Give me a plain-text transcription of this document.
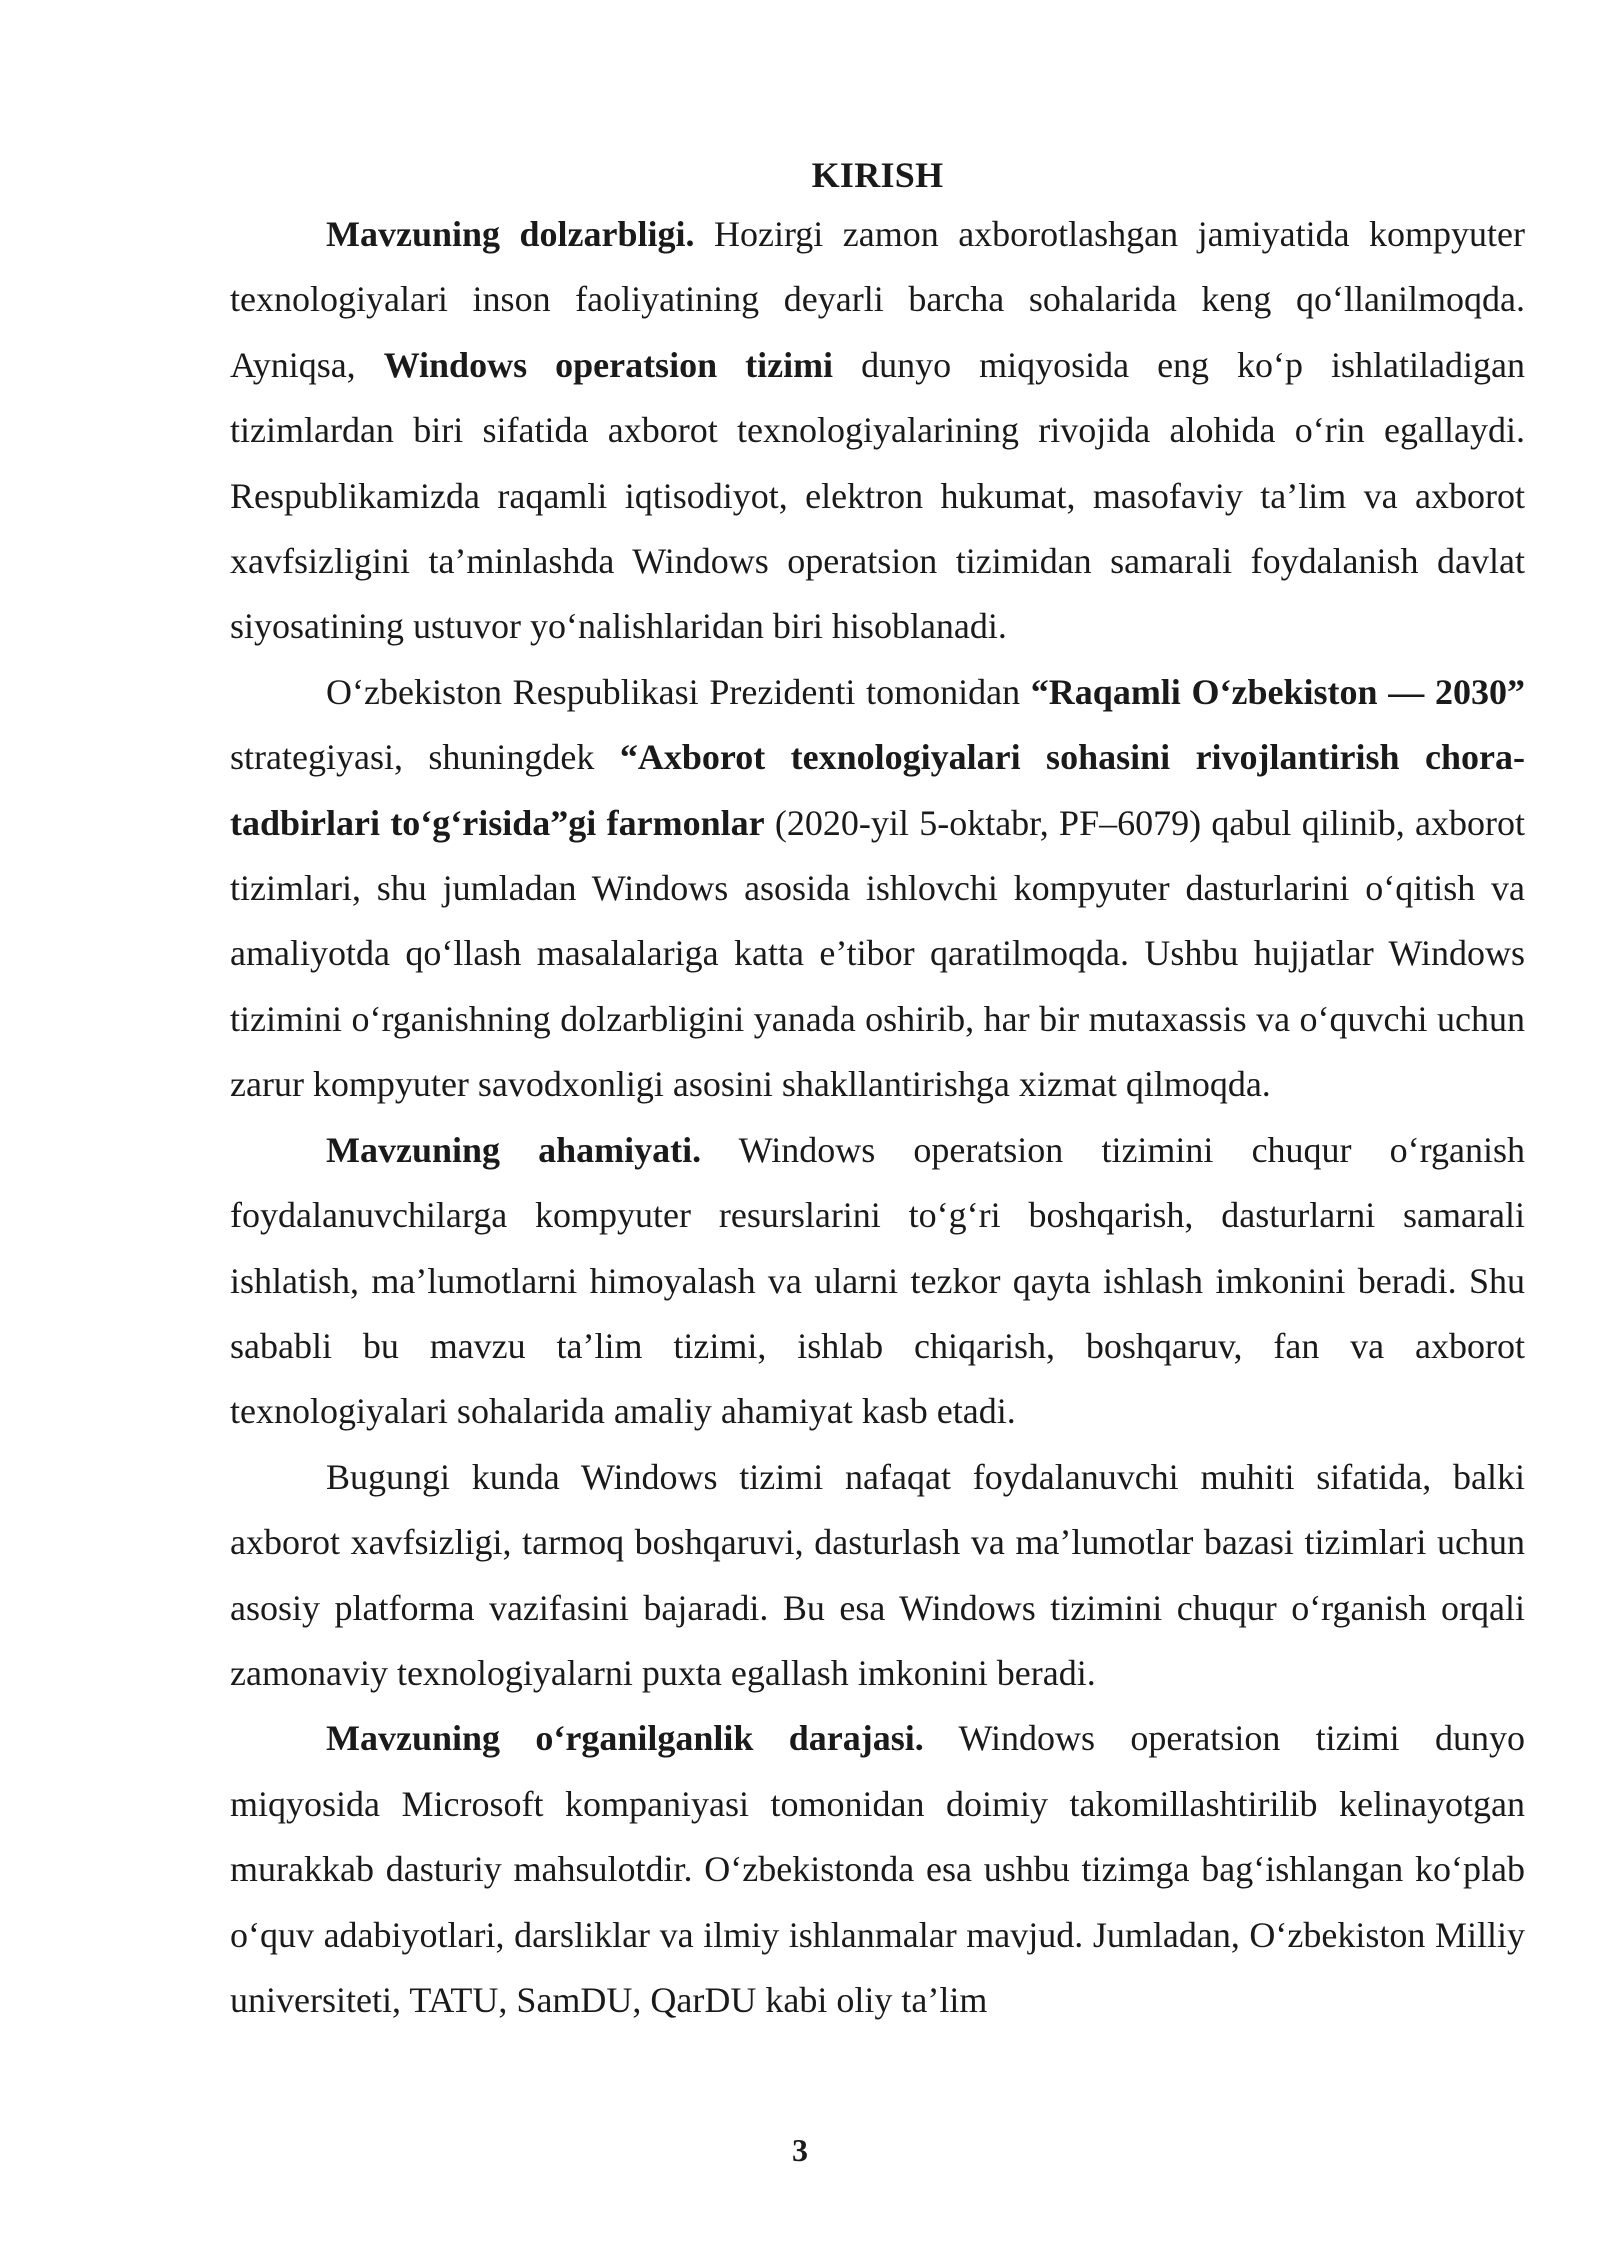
KIRISH

Mavzuning dolzarbligi. Hozirgi zamon axborotlashgan jamiyatida kompyuter texnologiyalari inson faoliyatining deyarli barcha sohalarida keng qo‘llanilmoqda. Ayniqsa, Windows operatsion tizimi dunyo miqyosida eng ko‘p ishlatiladigan tizimlardan biri sifatida axborot texnologiyalarining rivojida alohida o‘rin egallaydi. Respublikamizda raqamli iqtisodiyot, elektron hukumat, masofaviy ta’lim va axborot xavfsizligini ta’minlashda Windows operatsion tizimidan samarali foydalanish davlat siyosatining ustuvor yo‘nalishlaridan biri hisoblanadi.

O‘zbekiston Respublikasi Prezidenti tomonidan “Raqamli O‘zbekiston — 2030” strategiyasi, shuningdek “Axborot texnologiyalari sohasini rivojlantirish chora-tadbirlari to‘g‘risida”gi farmonlar (2020-yil 5-oktabr, PF–6079) qabul qilinib, axborot tizimlari, shu jumladan Windows asosida ishlovchi kompyuter dasturlarini o‘qitish va amaliyotda qo‘llash masalalariga katta e’tibor qaratilmoqda. Ushbu hujjatlar Windows tizimini o‘rganishning dolzarbligini yanada oshirib, har bir mutaxassis va o‘quvchi uchun zarur kompyuter savodxonligi asosini shakllantirishga xizmat qilmoqda.

Mavzuning ahamiyati. Windows operatsion tizimini chuqur o‘rganish foydalanuvchilarga kompyuter resurslarini to‘g‘ri boshqarish, dasturlarni samarali ishlatish, ma’lumotlarni himoyalash va ularni tezkor qayta ishlash imkonini beradi. Shu sababli bu mavzu ta’lim tizimi, ishlab chiqarish, boshqaruv, fan va axborot texnologiyalari sohalarida amaliy ahamiyat kasb etadi.

Bugungi kunda Windows tizimi nafaqat foydalanuvchi muhiti sifatida, balki axborot xavfsizligi, tarmoq boshqaruvi, dasturlash va ma’lumotlar bazasi tizimlari uchun asosiy platforma vazifasini bajaradi. Bu esa Windows tizimini chuqur o‘rganish orqali zamonaviy texnologiyalarni puxta egallash imkonini beradi.

Mavzuning o‘rganilganlik darajasi. Windows operatsion tizimi dunyo miqyosida Microsoft kompaniyasi tomonidan doimiy takomillashtirilib kelinayotgan murakkab dasturiy mahsulotdir. O‘zbekistonda esa ushbu tizimga bag‘ishlangan ko‘plab o‘quv adabiyotlari, darsliklar va ilmiy ishlanmalar mavjud. Jumladan, O‘zbekiston Milliy universiteti, TATU, SamDU, QarDU kabi oliy ta’lim

3
